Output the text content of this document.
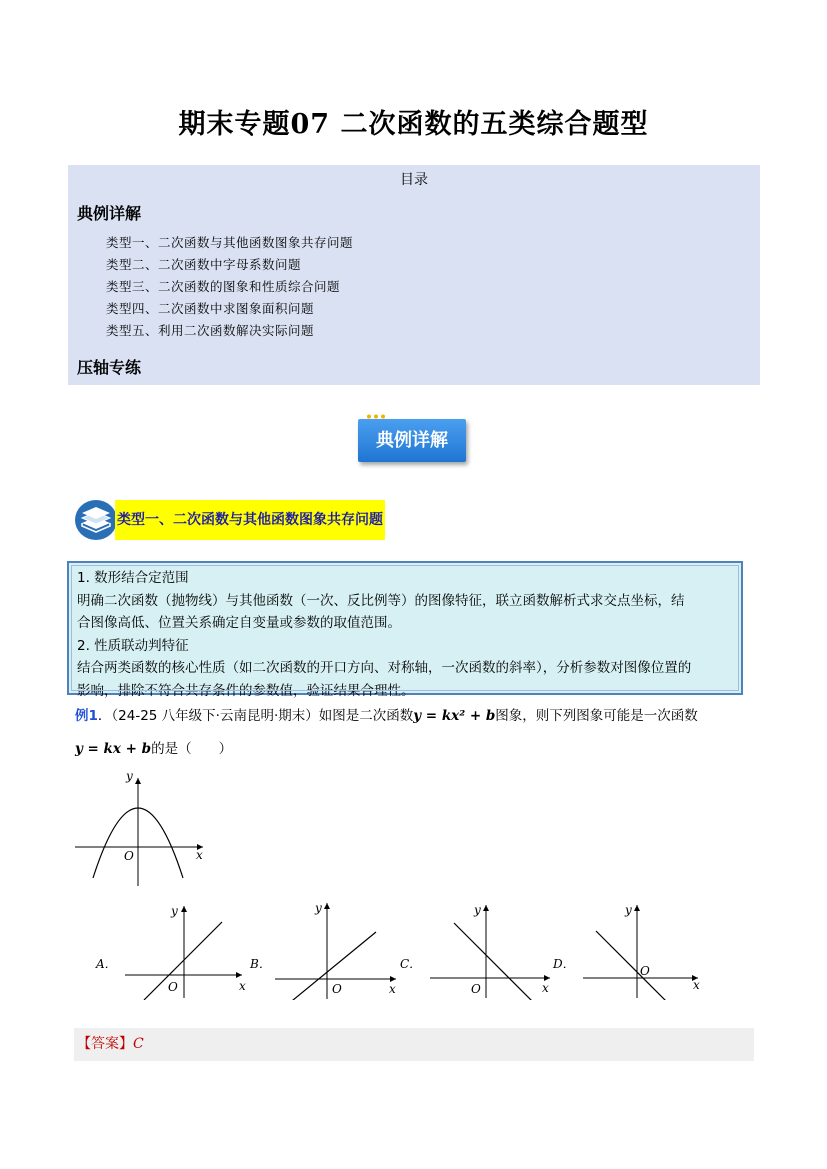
期末专题07 二次函数的五类综合题型
目录
典例详解
类型一、二次函数与其他函数图象共存问题
类型二、二次函数中字母系数问题
类型三、二次函数的图象和性质综合问题
类型四、二次函数中求图象面积问题
类型五、利用二次函数解决实际问题
压轴专练
典例详解
类型一、二次函数与其他函数图象共存问题
1. 数形结合定范围
明确二次函数（抛物线）与其他函数（一次、反比例等）的图像特征，联立函数解析式求交点坐标，结
合图像高低、位置关系确定自变量或参数的取值范围。
2. 性质联动判特征
结合两类函数的核心性质（如二次函数的开口方向、对称轴，一次函数的斜率），分析参数对图像位置的
影响，排除不符合共存条件的参数值，验证结果合理性。
例1．（24-25 八年级下·云南昆明·期末）如图是二次函数y = kx² + b图象，则下列图象可能是一次函数
y = kx + b的是（　　）
y
x
O
A．
y
x
O
B．
y
x
O
C．
y
x
O
D．
y
x
O
【答案】C
